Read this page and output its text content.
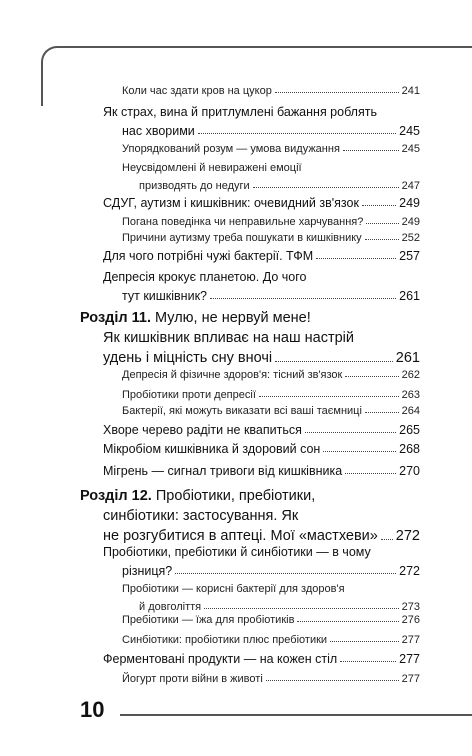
10
Коли час здати кров на цукор	241
Як страх, вина й притлумлені бажання роблять
нас хворими	245
Упорядкований розум — умова видужання	245
Неусвідомлені й невиражені емоції
призводять до недуги	247
СДУГ, аутизм і кишківник: очевидний зв'язок	249
Погана поведінка чи неправильне харчування?	249
Причини аутизму треба пошукати в кишківнику	252
Для чого потрібні чужі бактерії. ТФМ	257
Депресія крокує планетою. До чого
тут кишківник?	261
Розділ 11. Мулю, не нервуй мене!
Як кишківник впливає на наш настрій
удень і міцність сну вночі	261
Депресія й фізичне здоров'я: тісний зв'язок	262
Пробіотики проти депресії	263
Бактерії, які можуть виказати всі ваші таємниці	264
Хворе черево радіти не квапиться	265
Мікробіом кишківника й здоровий сон	268
Мігрень — сигнал тривоги від кишківника	270
Розділ 12. Пробіотики, пребіотики,
синбіотики: застосування. Як
не розгубитися в аптеці. Мої «мастхеви» 272
Пробіотики, пребіотики й синбіотики — в чому
різниця?	272
Пробіотики — корисні бактерії для здоров'я
й довголіття	273
Пребіотики — їжа для пробіотиків	276
Синбіотики: пробіотики плюс пребіотики	277
Ферментовані продукти — на кожен стіл	277
Йогурт проти війни в животі	277
